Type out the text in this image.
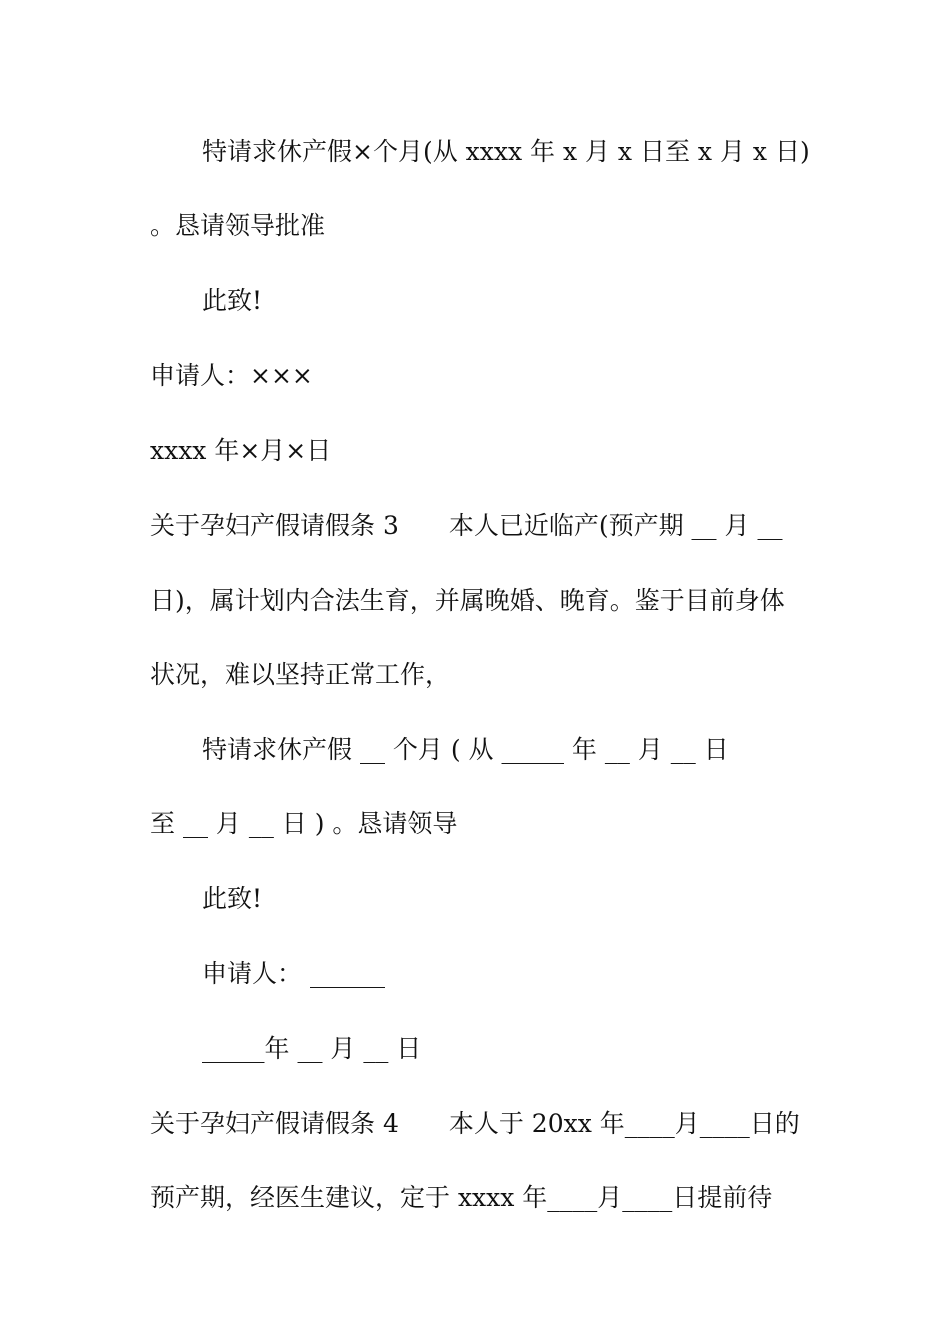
特请求休产假×个月(从 xxxx 年 x 月 x 日至 x 月 x 日)
。恳请领导批准
此致!
申请人：×××
xxxx 年×月×日
关于孕妇产假请假条 3　　本人已近临产(预产期 __ 月 __
日)，属计划内合法生育，并属晚婚、晚育。鉴于目前身体
状况，难以坚持正常工作，
特请求休产假 __ 个月 ( 从 _____ 年 __ 月 __ 日
至 __ 月 __ 日 ) 。恳请领导
此致!
申请人： ______
_____年 __ 月 __ 日
关于孕妇产假请假条 4　　本人于 20xx 年____月____日的
预产期，经医生建议，定于 xxxx 年____月____日提前待
